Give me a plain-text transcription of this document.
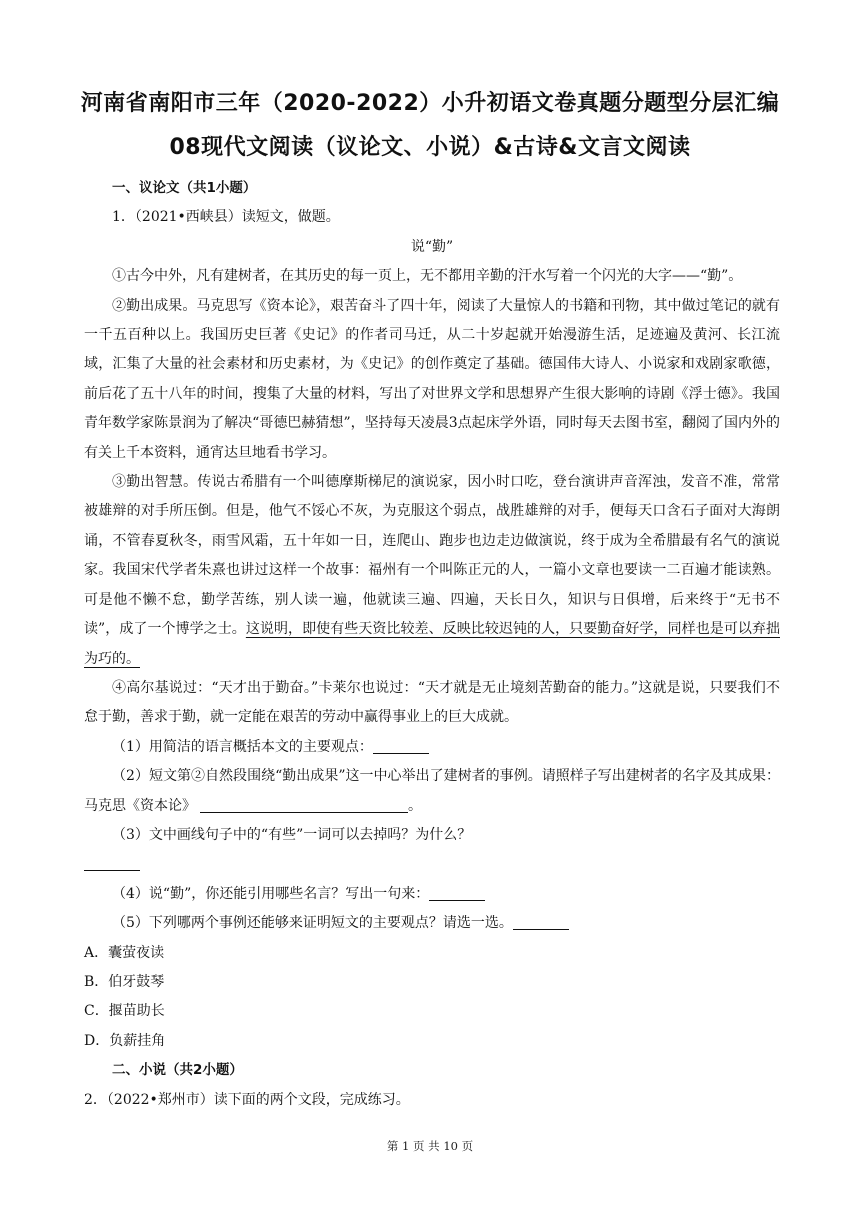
河南省南阳市三年（2020-2022）小升初语文卷真题分题型分层汇编
08现代文阅读（议论文、小说）&古诗&文言文阅读
一、议论文（共1小题）
1．（2021•西峡县）读短文，做题。
说“勤”
①古今中外，凡有建树者，在其历史的每一页上，无不都用辛勤的汗水写着一个闪光的大字——“勤”。
②勤出成果。马克思写《资本论》，艰苦奋斗了四十年，阅读了大量惊人的书籍和刊物，其中做过笔记的就有一千五百种以上。我国历史巨著《史记》的作者司马迁，从二十岁起就开始漫游生活，足迹遍及黄河、长江流域，汇集了大量的社会素材和历史素材，为《史记》的创作奠定了基础。德国伟大诗人、小说家和戏剧家歌德，前后花了五十八年的时间，搜集了大量的材料，写出了对世界文学和思想界产生很大影响的诗剧《浮士德》。我国青年数学家陈景润为了解决“哥德巴赫猜想”，坚持每天凌晨3点起床学外语，同时每天去图书室，翻阅了国内外的有关上千本资料，通宵达旦地看书学习。
③勤出智慧。传说古希腊有一个叫德摩斯梯尼的演说家，因小时口吃，登台演讲声音浑浊，发音不准，常常被雄辩的对手所压倒。但是，他气不馁心不灰，为克服这个弱点，战胜雄辩的对手，便每天口含石子面对大海朗诵，不管春夏秋冬，雨雪风霜，五十年如一日，连爬山、跑步也边走边做演说，终于成为全希腊最有名气的演说家。我国宋代学者朱熹也讲过这样一个故事：福州有一个叫陈正元的人，一篇小文章也要读一二百遍才能读熟。可是他不懒不怠，勤学苦练，别人读一遍，他就读三遍、四遍，天长日久，知识与日俱增，后来终于“无书不读”，成了一个博学之士。这说明，即使有些天资比较差、反映比较迟钝的人，只要勤奋好学，同样也是可以弃拙为巧的。
④高尔基说过：“天才出于勤奋。”卡莱尔也说过：“天才就是无止境刻苦勤奋的能力。”这就是说，只要我们不怠于勤，善求于勤，就一定能在艰苦的劳动中赢得事业上的巨大成就。
（1）用简洁的语言概括本文的主要观点：
（2）短文第②自然段围绕“勤出成果”这一中心举出了建树者的事例。请照样子写出建树者的名字及其成果：马克思《资本论》	。
（3）文中画线句子中的“有些”一词可以去掉吗？为什么？
（4）说“勤”，你还能引用哪些名言？写出一句来：
（5）下列哪两个事例还能够来证明短文的主要观点？请选一选。
A．囊萤夜读
B．伯牙鼓琴
C．揠苗助长
D．负薪挂角
二、小说（共2小题）
2．（2022•郑州市）读下面的两个文段，完成练习。
第 1 页 共 10 页
